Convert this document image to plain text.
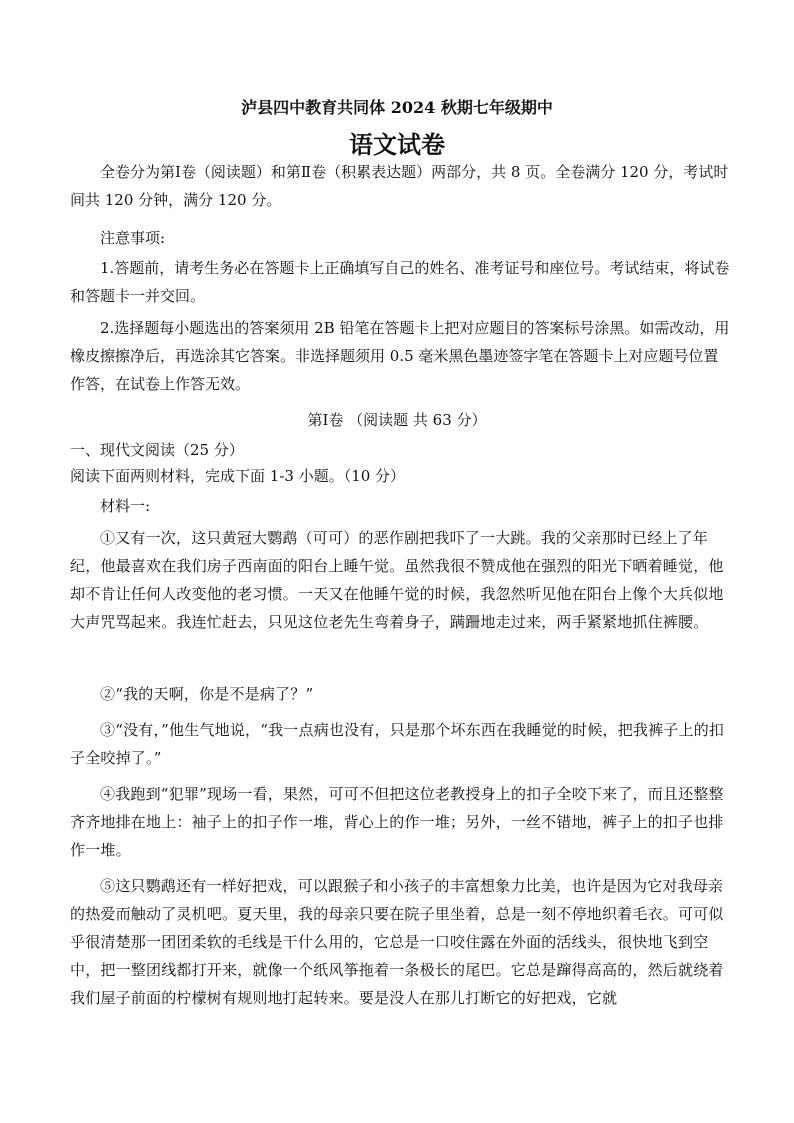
泸县四中教育共同体 2024 秋期七年级期中
语文试卷
全卷分为第Ⅰ卷（阅读题）和第Ⅱ卷（积累表达题）两部分，共 8 页。全卷满分 120 分，考试时间共 120 分钟，满分 120 分。
注意事项:
1.答题前，请考生务必在答题卡上正确填写自己的姓名、准考证号和座位号。考试结束，将试卷和答题卡一并交回。
2.选择题每小题选出的答案须用 2B 铅笔在答题卡上把对应题目的答案标号涂黑。如需改动，用橡皮擦擦净后，再选涂其它答案。非选择题须用 0.5 毫米黑色墨迹签字笔在答题卡上对应题号位置作答，在试卷上作答无效。
第Ⅰ卷 （阅读题 共 63 分）
一、现代文阅读（25 分）
阅读下面两则材料，完成下面 1-3 小题。（10 分）
材料一:
①又有一次，这只黄冠大鹦鹉（可可）的恶作剧把我吓了一大跳。我的父亲那时已经上了年纪，他最喜欢在我们房子西南面的阳台上睡午觉。虽然我很不赞成他在强烈的阳光下晒着睡觉，他却不肯让任何人改变他的老习惯。一天又在他睡午觉的时候，我忽然听见他在阳台上像个大兵似地大声咒骂起来。我连忙赶去，只见这位老先生弯着身子，蹒跚地走过来，两手紧紧地抓住裤腰。
②“我的天啊，你是不是病了？”
③“没有，”他生气地说，“我一点病也没有，只是那个坏东西在我睡觉的时候，把我裤子上的扣子全咬掉了。”
④我跑到“犯罪”现场一看，果然，可可不但把这位老教授身上的扣子全咬下来了，而且还整整齐齐地排在地上：袖子上的扣子作一堆，背心上的作一堆；另外，一丝不错地，裤子上的扣子也排作一堆。
⑤这只鹦鹉还有一样好把戏，可以跟猴子和小孩子的丰富想象力比美，也许是因为它对我母亲的热爱而触动了灵机吧。夏天里，我的母亲只要在院子里坐着，总是一刻不停地织着毛衣。可可似乎很清楚那一团团柔软的毛线是干什么用的，它总是一口咬住露在外面的活线头，很快地飞到空中，把一整团线都打开来，就像一个纸风筝拖着一条极长的尾巴。它总是蹿得高高的，然后就绕着我们屋子前面的柠檬树有规则地打起转来。要是没人在那儿打断它的好把戏，它就
